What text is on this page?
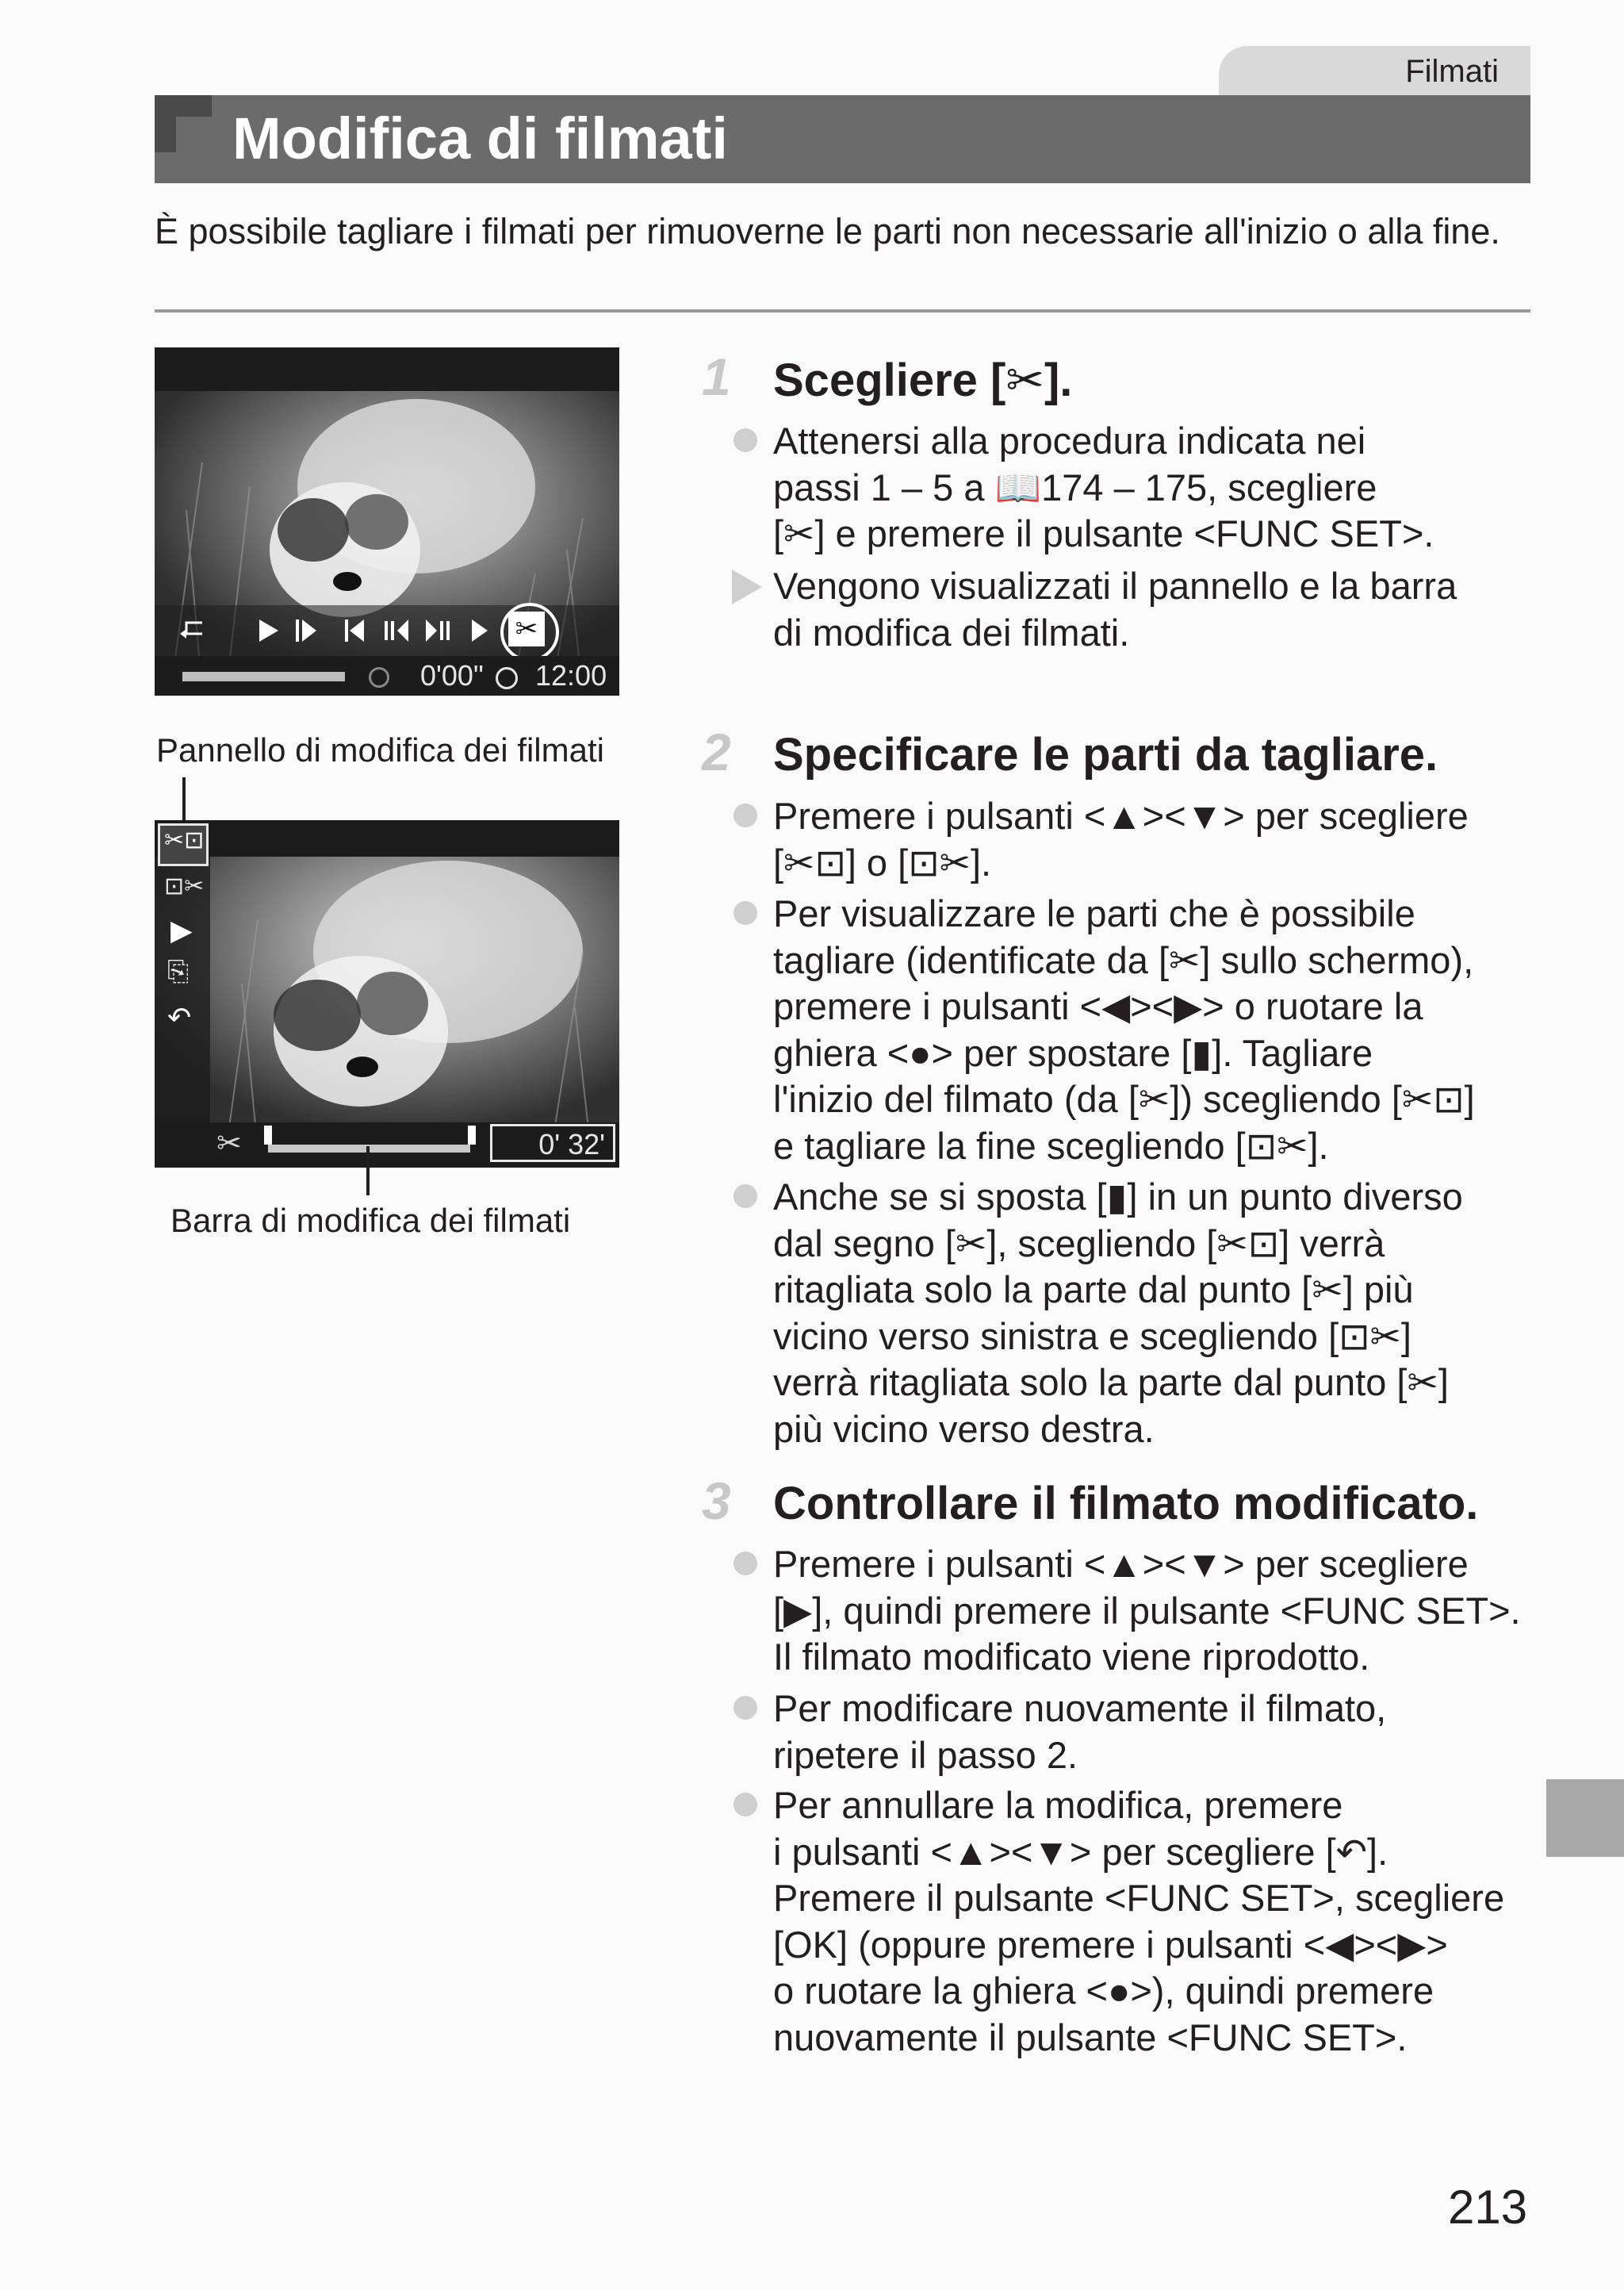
Filmati
Modifica di filmati
È possibile tagliare i filmati per rimuoverne le parti non necessarie all'inizio o alla fine.
✂
0'00" 12:00
Pannello di modifica dei filmati
✂⊡
⊡✂
▶
⎘
↶
✂	0' 32'
Barra di modifica dei filmati
1 Scegliere [✂].
Attenersi alla procedura indicata nei
passi 1 – 5 a 📖174 – 175, scegliere
[✂] e premere il pulsante <FUNC SET>.
Vengono visualizzati il pannello e la barra
di modifica dei filmati.
2 Specificare le parti da tagliare.
Premere i pulsanti <▲><▼> per scegliere
[✂⊡] o [⊡✂].
Per visualizzare le parti che è possibile
tagliare (identificate da [✂] sullo schermo),
premere i pulsanti <◀><▶> o ruotare la
ghiera <●> per spostare [▮]. Tagliare
l'inizio del filmato (da [✂]) scegliendo [✂⊡]
e tagliare la fine scegliendo [⊡✂].
Anche se si sposta [▮] in un punto diverso
dal segno [✂], scegliendo [✂⊡] verrà
ritagliata solo la parte dal punto [✂] più
vicino verso sinistra e scegliendo [⊡✂]
verrà ritagliata solo la parte dal punto [✂]
più vicino verso destra.
3 Controllare il filmato modificato.
Premere i pulsanti <▲><▼> per scegliere
[▶], quindi premere il pulsante <FUNC SET>.
Il filmato modificato viene riprodotto.
Per modificare nuovamente il filmato,
ripetere il passo 2.
Per annullare la modifica, premere
i pulsanti <▲><▼> per scegliere [↶].
Premere il pulsante <FUNC SET>, scegliere
[OK] (oppure premere i pulsanti <◀><▶>
o ruotare la ghiera <●>), quindi premere
nuovamente il pulsante <FUNC SET>.
213
